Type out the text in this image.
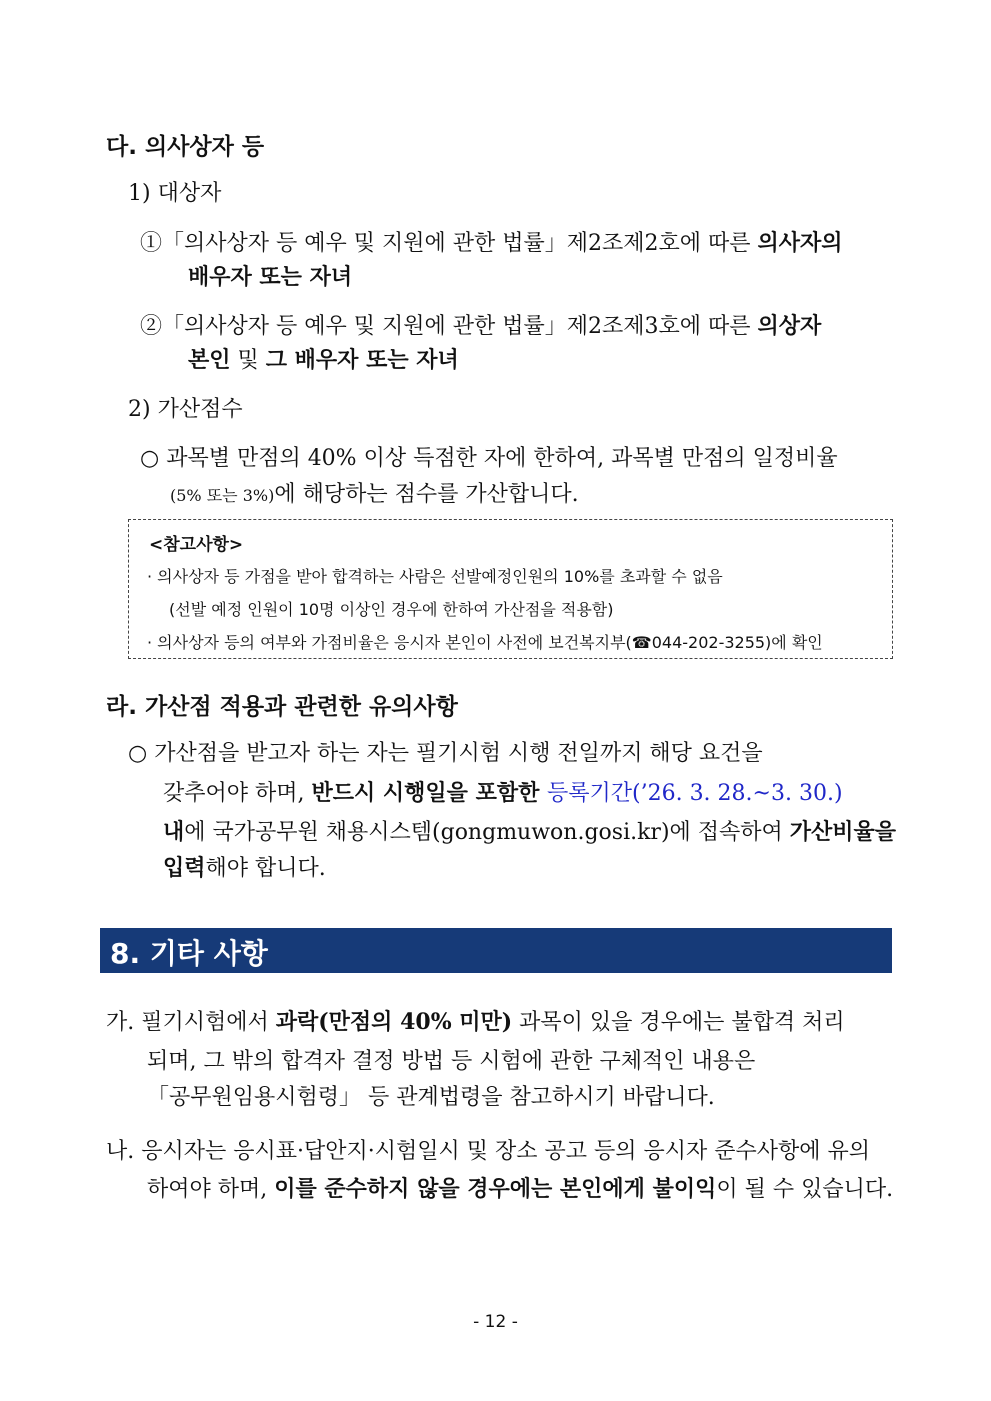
다. 의사상자 등
1) 대상자
①「의사상자 등 예우 및 지원에 관한 법률」제2조제2호에 따른 의사자의
배우자 또는 자녀
②「의사상자 등 예우 및 지원에 관한 법률」제2조제3호에 따른 의상자
본인 및 그 배우자 또는 자녀
2) 가산점수
○ 과목별 만점의 40% 이상 득점한 자에 한하여, 과목별 만점의 일정비율
(5% 또는 3%)에 해당하는 점수를 가산합니다.
<참고사항>
· 의사상자 등 가점을 받아 합격하는 사람은 선발예정인원의 10%를 초과할 수 없음
(선발 예정 인원이 10명 이상인 경우에 한하여 가산점을 적용함)
· 의사상자 등의 여부와 가점비율은 응시자 본인이 사전에 보건복지부(☎044-202-3255)에 확인
라. 가산점 적용과 관련한 유의사항
○ 가산점을 받고자 하는 자는 필기시험 시행 전일까지 해당 요건을
갖추어야 하며, 반드시 시행일을 포함한 등록기간(’26. 3. 28.~3. 30.)
내에 국가공무원 채용시스템(gongmuwon.gosi.kr)에 접속하여 가산비율을
입력해야 합니다.
8. 기타 사항
가. 필기시험에서 과락(만점의 40% 미만) 과목이 있을 경우에는 불합격 처리
되며, 그 밖의 합격자 결정 방법 등 시험에 관한 구체적인 내용은
「공무원임용시험령」 등 관계법령을 참고하시기 바랍니다.
나. 응시자는 응시표·답안지·시험일시 및 장소 공고 등의 응시자 준수사항에 유의
하여야 하며, 이를 준수하지 않을 경우에는 본인에게 불이익이 될 수 있습니다.
- 12 -
